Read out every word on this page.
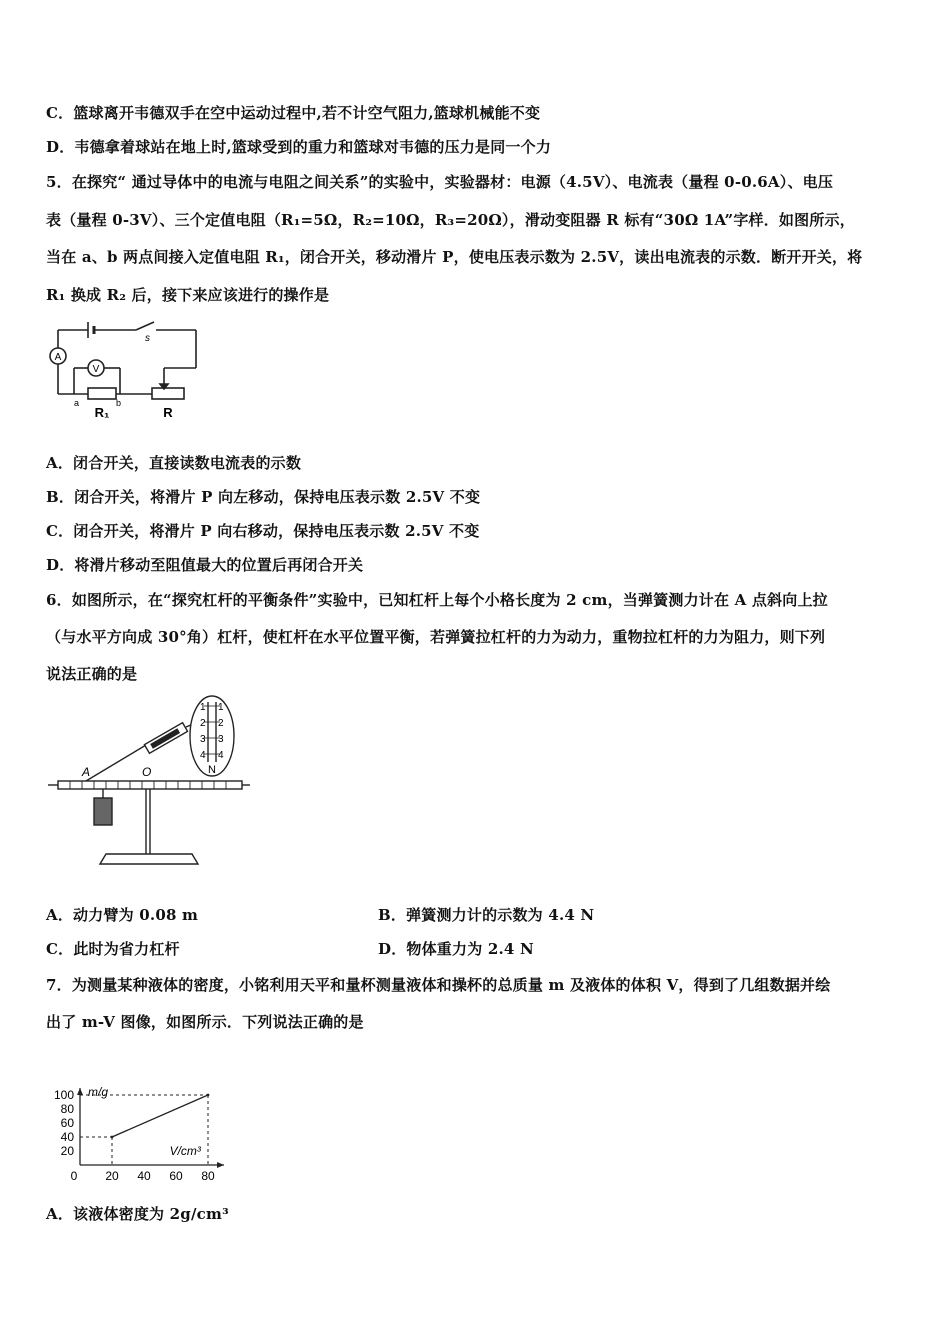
C．篮球离开韦德双手在空中运动过程中,若不计空气阻力,篮球机械能不变
D．韦德拿着球站在地上时,篮球受到的重力和篮球对韦德的压力是同一个力
5．在探究“ 通过导体中的电流与电阻之间关系”的实验中，实验器材：电源（4.5V）、电流表（量程 0-0.6A）、电压
表（量程 0-3V）、三个定值电阻（R₁=5Ω，R₂=10Ω，R₃=20Ω），滑动变阻器 R 标有“30Ω 1A”字样．如图所示，
当在 a、b 两点间接入定值电阻 R₁，闭合开关，移动滑片 P，使电压表示数为 2.5V，读出电流表的示数．断开开关，将
R₁ 换成 R₂ 后，接下来应该进行的操作是
A
V
s
a	b
R₁	R
A．闭合开关，直接读数电流表的示数
B．闭合开关，将滑片 P 向左移动，保持电压表示数 2.5V 不变
C．闭合开关，将滑片 P 向右移动，保持电压表示数 2.5V 不变
D．将滑片移动至阻值最大的位置后再闭合开关
6．如图所示，在“探究杠杆的平衡条件”实验中，已知杠杆上每个小格长度为 2 cm，当弹簧测力计在 A 点斜向上拉
（与水平方向成 30°角）杠杆，使杠杆在水平位置平衡，若弹簧拉杠杆的力为动力，重物拉杠杆的力为阻力，则下列
说法正确的是
1
2
3
4
1
2
3
4
N
A	O
A．动力臂为 0.08 m	B．弹簧测力计的示数为 4.4 N
C．此时为省力杠杆	D．物体重力为 2.4 N
7．为测量某种液体的密度，小铭利用天平和量杯测量液体和操杯的总质量 m 及液体的体积 V，得到了几组数据并绘
出了 m-V 图像，如图所示．下列说法正确的是
0 20 40 60 80
20
40
60
80
100
V/cm³
m/g
A．该液体密度为 2g/cm³
